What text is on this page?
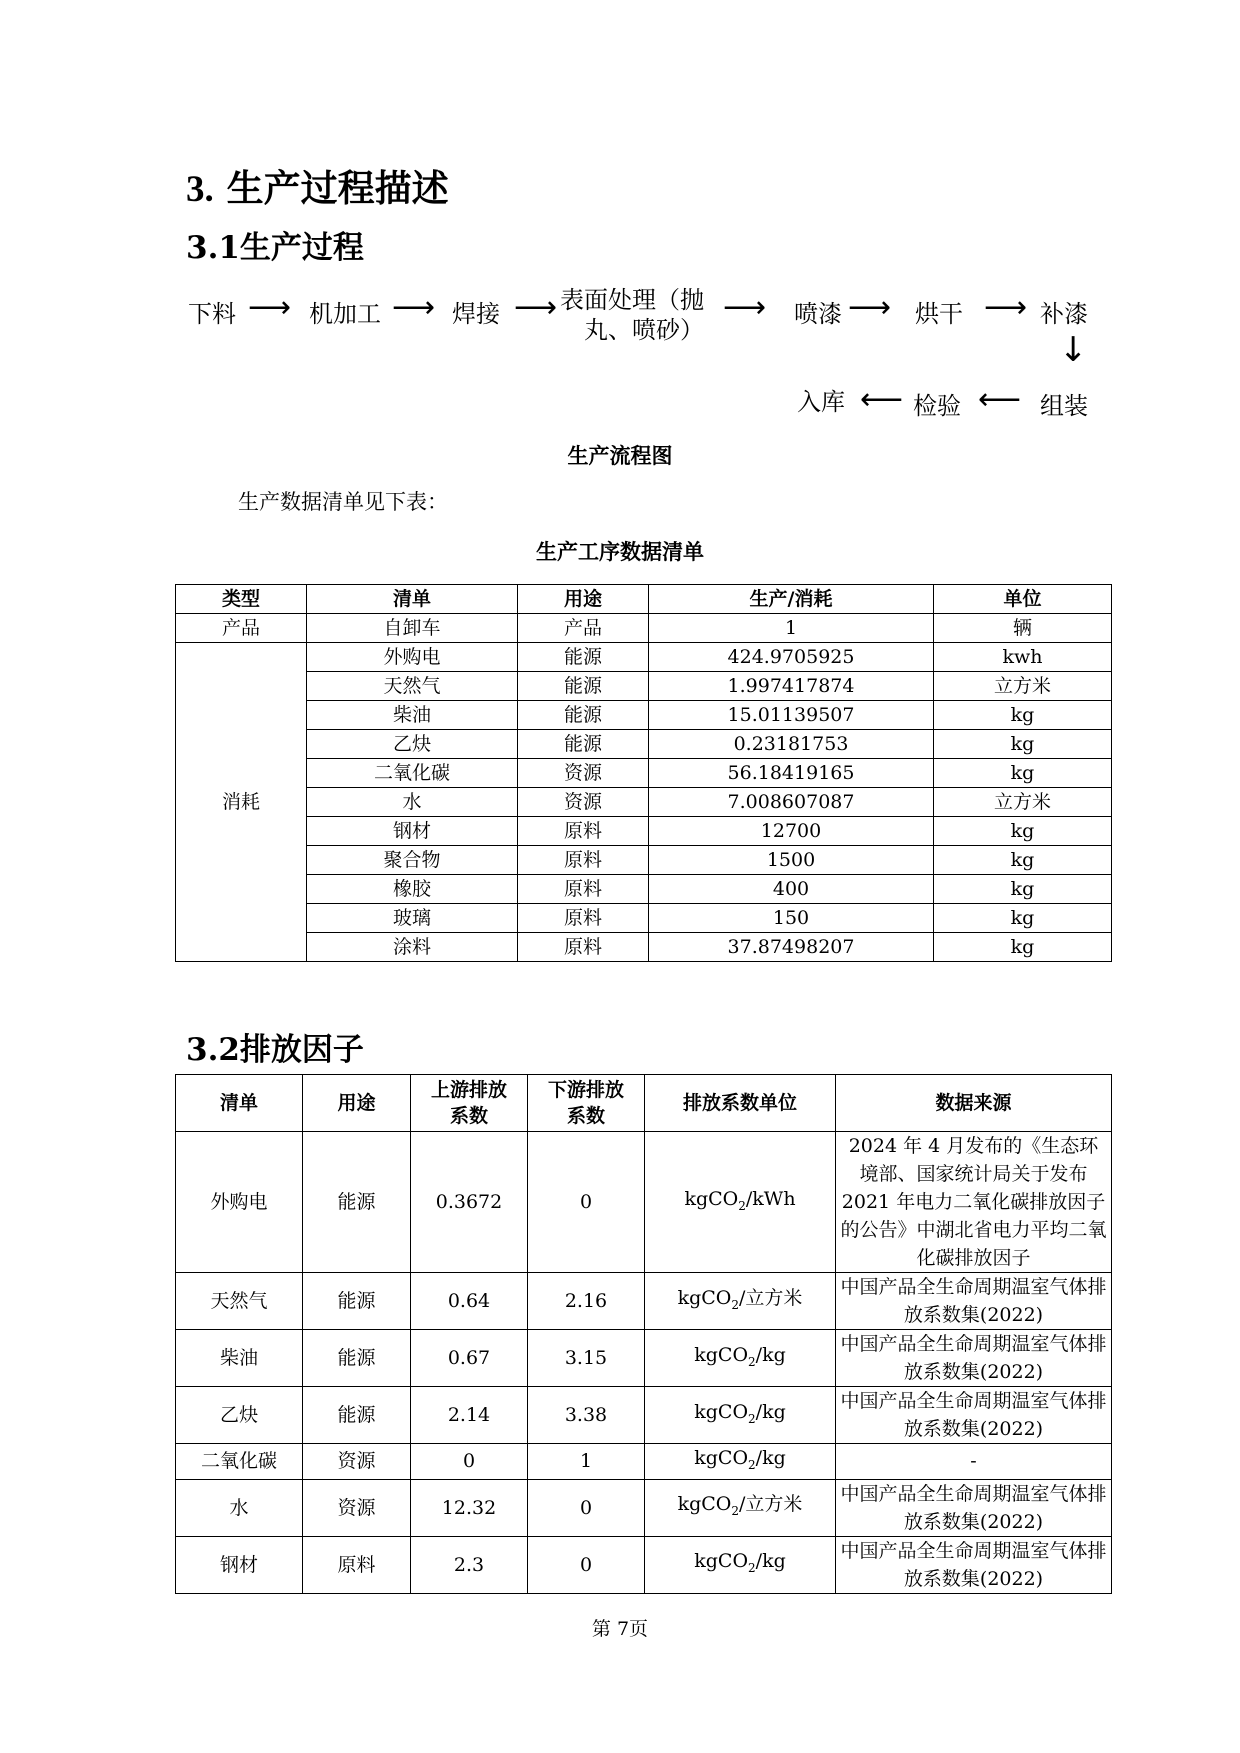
3. 生产过程描述
3.1生产过程
下料 ⟶ 机加工 ⟶ 焊接 ⟶ 表面处理（抛
丸、喷砂）
⟶ 喷漆 ⟶ 烘干 ⟶ 补漆
↓
组装
⟵
检验
⟵
入库
生产流程图
生产数据清单见下表：
生产工序数据清单
类型	清单	用途	生产/消耗	单位
产品	自卸车	产品	1	辆
消耗	外购电	能源	424.9705925	kwh
	天然气	能源	1.997417874	立方米
	柴油	能源	15.01139507	kg
	乙炔	能源	0.23181753	kg
	二氧化碳	资源	56.18419165	kg
	水	资源	7.008607087	立方米
	钢材	原料	12700	kg
	聚合物	原料	1500	kg
	橡胶	原料	400	kg
	玻璃	原料	150	kg
	涂料	原料	37.87498207	kg
3.2排放因子
清单	用途	上游排放系数	下游排放系数	排放系数单位	数据来源
外购电	能源	0.3672	0	kgCO$_2$/kWh	2024 年 4 月发布的《生态环境部、国家统计局关于发布 2021 年电力二氧化碳排放因子的公告》中湖北省电力平均二氧化碳排放因子
天然气	能源	0.64	2.16	kgCO$_2$/立方米	中国产品全生命周期温室气体排放系数集(2022)
柴油	能源	0.67	3.15	kgCO$_2$/kg	中国产品全生命周期温室气体排放系数集(2022)
乙炔	能源	2.14	3.38	kgCO$_2$/kg	中国产品全生命周期温室气体排放系数集(2022)
二氧化碳	资源	0	1	kgCO$_2$/kg	-
水	资源	12.32	0	kgCO$_2$/立方米	中国产品全生命周期温室气体排放系数集(2022)
钢材	原料	2.3	0	kgCO$_2$/kg	中国产品全生命周期温室气体排放系数集(2022)
第 7页
